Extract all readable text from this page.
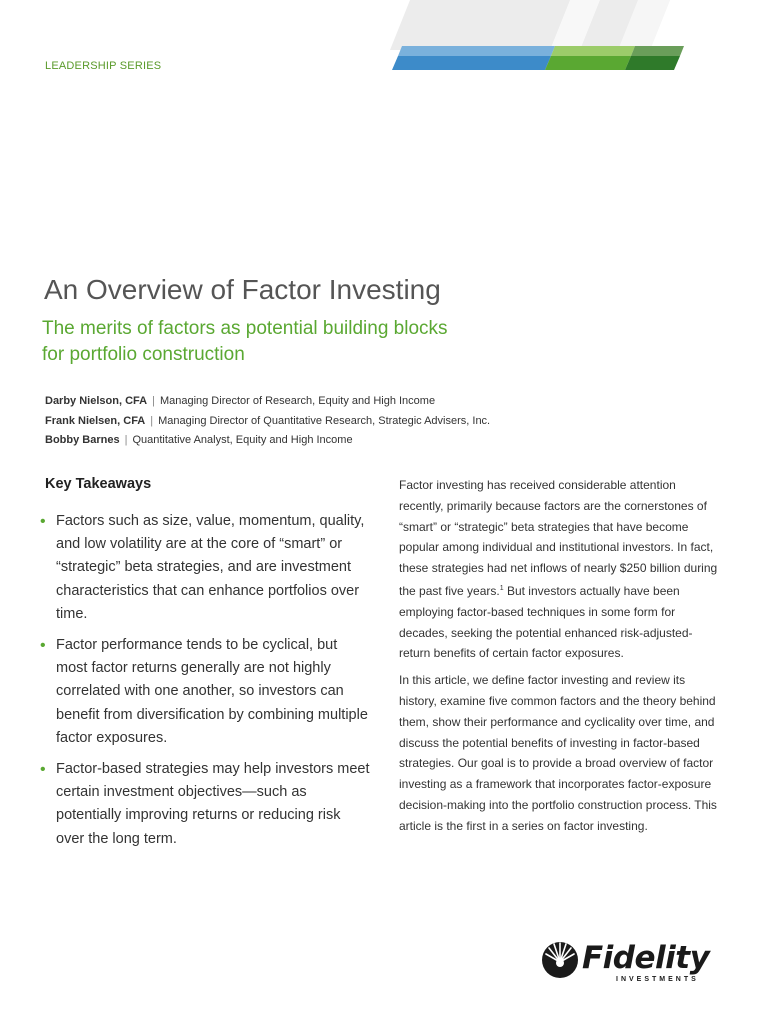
LEADERSHIP SERIES
An Overview of Factor Investing
The merits of factors as potential building blocks
for portfolio construction
Darby Nielson, CFA | Managing Director of Research, Equity and High Income
Frank Nielsen, CFA | Managing Director of Quantitative Research, Strategic Advisers, Inc.
Bobby Barnes | Quantitative Analyst, Equity and High Income
Key Takeaways
• Factors such as size, value, momentum, quality, and low volatility are at the core of “smart” or “strategic” beta strategies, and are investment characteristics that can enhance portfolios over time.
• Factor performance tends to be cyclical, but most factor returns generally are not highly correlated with one another, so investors can benefit from diversification by combining multiple factor exposures.
• Factor-based strategies may help investors meet certain investment objectives—such as potentially improving returns or reducing risk over the long term.

Factor investing has received considerable attention recently, primarily because factors are the cornerstones of “smart” or “strategic” beta strategies that have become popular among individual and institutional investors. In fact, these strategies had net inflows of nearly $250 billion during the past five years.$^1$ But investors actually have been employing factor-based techniques in some form for decades, seeking the potential enhanced risk-adjusted-return benefits of certain factor exposures.

In this article, we define factor investing and review its history, examine five common factors and the theory behind them, show their performance and cyclicality over time, and discuss the potential benefits of investing in factor-based strategies. Our goal is to provide a broad overview of factor investing as a framework that incorporates factor-exposure decision-making into the portfolio construction process. This article is the first in a series on factor investing.

Fidelity
INVESTMENTS
